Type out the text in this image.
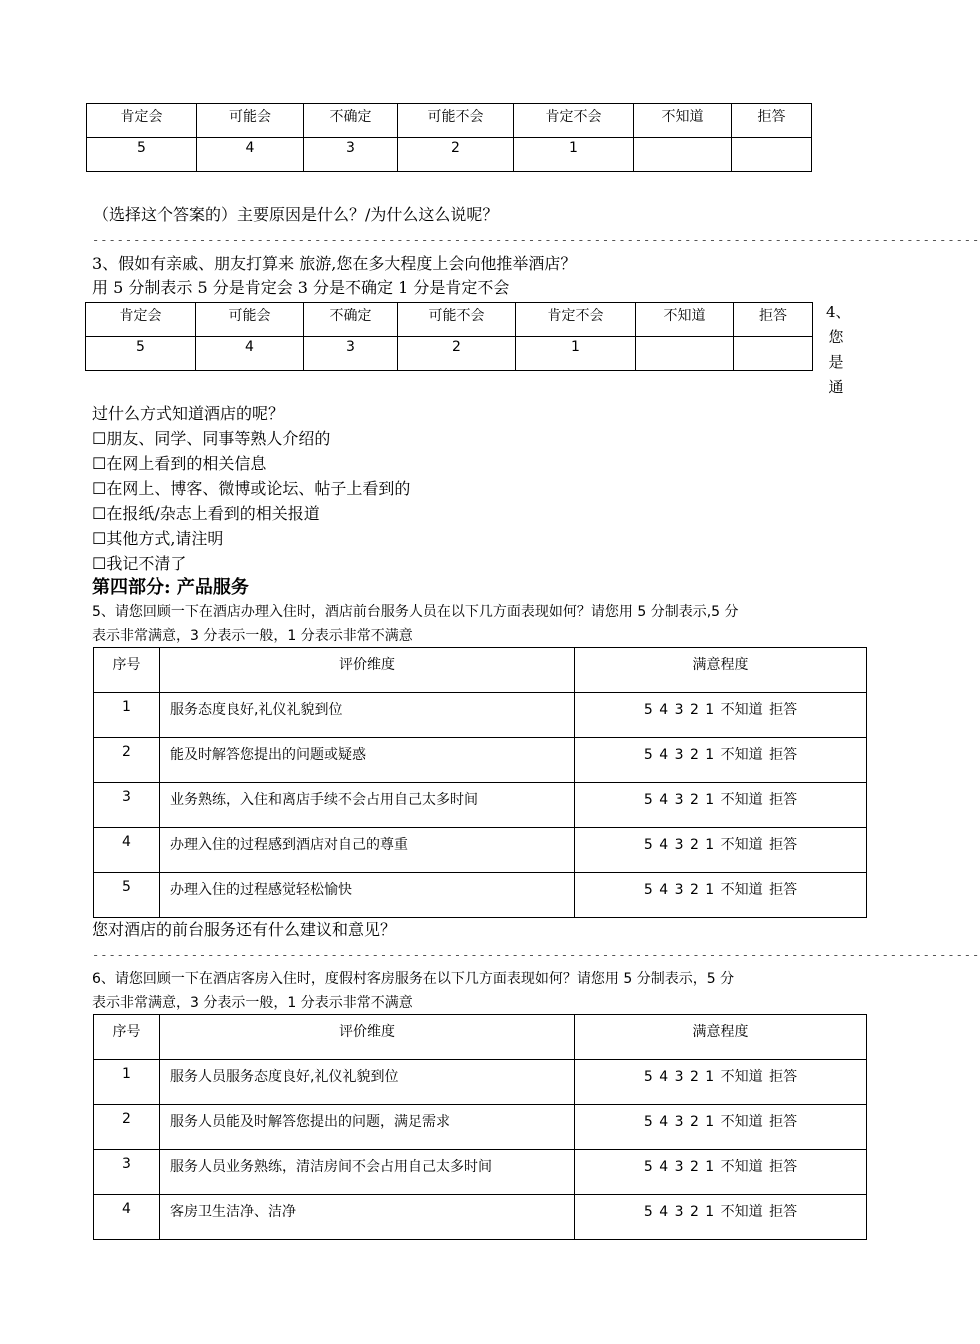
肯定会	可能会	不确定	可能不会	肯定不会	不知道	拒答
5	4	3	2	1		
（选择这个答案的）主要原因是什么？/为什么这么说呢？
------------------------------------------------------------------------------------------------------------
3、假如有亲戚、朋友打算来 旅游,您在多大程度上会向他推举酒店？
用 5 分制表示 5 分是肯定会 3 分是不确定 1 分是肯定不会
肯定会	可能会	不确定	可能不会	肯定不会	不知道	拒答
5	4	3	2	1		
4、
您
是
通
过什么方式知道酒店的呢？
☐朋友、同学、同事等熟人介绍的
☐在网上看到的相关信息
☐在网上、博客、微博或论坛、帖子上看到的
☐在报纸/杂志上看到的相关报道
☐其他方式,请注明
☐我记不清了
第四部分: 产品服务
5、请您回顾一下在酒店办理入住时，酒店前台服务人员在以下几方面表现如何？请您用 5 分制表示,5 分
表示非常满意，3 分表示一般，1 分表示非常不满意
序号	评价维度	满意程度
1	服务态度良好,礼仪礼貌到位	5 4 3 2 1 不知道 拒答
2	能及时解答您提出的问题或疑惑	5 4 3 2 1 不知道 拒答
3	业务熟练，入住和离店手续不会占用自己太多时间	5 4 3 2 1 不知道 拒答
4	办理入住的过程感到酒店对自己的尊重	5 4 3 2 1 不知道 拒答
5	办理入住的过程感觉轻松愉快	5 4 3 2 1 不知道 拒答
您对酒店的前台服务还有什么建议和意见？
------------------------------------------------------------------------------------------------------------
6、请您回顾一下在酒店客房入住时，度假村客房服务在以下几方面表现如何？请您用 5 分制表示，5 分
表示非常满意，3 分表示一般，1 分表示非常不满意
序号	评价维度	满意程度
1	服务人员服务态度良好,礼仪礼貌到位	5 4 3 2 1 不知道 拒答
2	服务人员能及时解答您提出的问题，满足需求	5 4 3 2 1 不知道 拒答
3	服务人员业务熟练，清洁房间不会占用自己太多时间	5 4 3 2 1 不知道 拒答
4	客房卫生洁净、洁净	5 4 3 2 1 不知道 拒答
